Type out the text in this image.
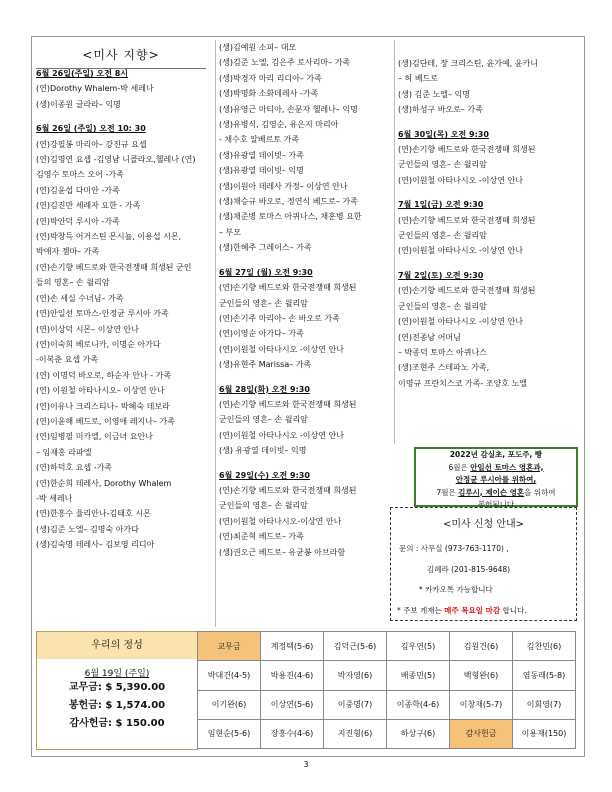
<미사 지향>
6월 26일(주일) 오전 8시
(연)Dorothy Whalem-박 세레나
(생)이종원 글라라– 익명
6월 26일 (주일) 오전 10: 30
(연)강필봉 마리아– 강진규 요셉
(연)김명연 요셉 -김영남 니콜라오,헬레나 (연)
김영수 토마스 오어 -가족
(연)김윤섭 다미안 -가족
(연)김진만 세례자 요한 - 가족
(연)박안덕 루시아 -가족
(연)박창득 어거스틴 몬시뇰, 이용섭 시몬,
박애자 젬마– 가족
(연)손기향 베드로와 한국전쟁때 희생된 군인
들의 영혼– 손 윌리암
(연)손 세실 수녀님– 가족
(연)안일선 토마스-안정균 루시아 가족
(연)이상덕 시몬– 이상연 안나
(연)이숙희 베로니카, 이명순 아가다
-이복춘 요셉 가족
(연) 이명덕 바오로, 하순자 안나 - 가족
(연) 이원철 아타나시오– 이상연 안나
(연)이유나 크리스티나– 박혜숙 데보라
(연)이윤해 베드로, 이영애 레지나– 가족
(연)임병필 미카엘, 이금녀 요안나
– 임재홍 라파엘
(연)하덕호 요셉 -가족
(연)한순희 데레사, Dorothy Whalem
-박 세레나
(연)한흥수 율리안나-김태호 시몬
(생)김준 노엘– 김명숙 아가다
(생)김숙명 데레사– 김보영 리디아
(생)김예원 소피– 대모
(생)김준 노엘, 김은주 로사리마– 가족
(생)박경자 마리 리디아– 가족
(생)박명화 소화데레사 -가족
(생)유영근 마티아, 손문자 헬레나– 익명
(생)유병식, 김영순, 유은지 마리아
- 채수호 알베르토 가족
(생)유광열 데이빗– 가족
(생)유광열 데이빗– 익명
(생)이원아 데레사 가정– 이상연 안나
(생)채승규 바오로, 정연식 베드로– 가족
(생)채준병 토마스 아퀴나스, 채훈병 요한
– 부모
(생)한혜주 그레이스– 가족
6월 27일 (월) 오전 9:30
(연)손기향 베드로와 한국전쟁때 희생된
군인들의 영혼– 손 윌리암
(연)손기주 마리아– 손 바오로 가족
(연)이영순 아가다– 가족
(연)이원철 아타나시오 -이상연 안나
(생)유현주 Marissa– 가족
6월 28일(화) 오전 9:30
(연)손기향 베드로와 한국전쟁때 희생된
군인들의 영혼– 손 윌리암
(연)이원철 아타나시오 -이상연 안나
(생) 유광열 데이빗– 익명
6월 29일(수) 오전 9:30
(연)손기향 베드로와 한국전쟁때 희생된
군인들의 영혼– 손 윌리암
(연)이원철 아타나시오-이상연 안나
(연)최준혁 베드로– 가족
(생)권오근 베드로– 유균봉 아브라함
(생)김단테, 장 크리스틴, 윤가예, 윤카니
– 허 베드로
(생) 김준 노엘– 익명
(생)하성구 바오로– 가족
6월 30일(목) 오전 9:30
(연)손기향 베드로와 한국전쟁때 희생된
군인들의 영혼– 손 윌리암
(연)이원철 아타나시오 -이상연 안나
7월 1일(금) 오전 9:30
(연)손기향 베드로와 한국전쟁때 희생된
군인들의 영혼– 손 윌리암
(연)이원철 아타나시오 -이상연 안나
7월 2일(토) 오전 9:30
(연)손기향 베드로와 한국전쟁때 희생된
군인들의 영혼– 손 윌리암
(연)이원철 아타나시오 -이상연 안나
(연)전종남 어머님
– 박종덕 토마스 아퀴나스
(생)조현주 스테파노 가족,
이명규 프란치스코 가족- 조양호 노엘
2022년 감실초, 포도주, 빵
6월은 안일선 토마스 영혼과,
안정균 루시아를 위하여,
7월은 김루시, 제이슨 영혼을 위하여
봉헌됩니다
<미사 신청 안내>
문의 : 사무실 (973-763-1170) ,
김혜라 (201-815-9648)
* 카카오톡 가능합니다
* 주보 게재는 매주 목요일 마감 합니다.
우리의 정성
6월 19일 (주일)
교무금: $ 5,390.00
봉헌금: $ 1,574.00
감사헌금: $ 150.00
교무금	계정택(5-6)	김덕근(5-6)	김우연(5)	김원건(6)	김찬민(6)
박대건(4-5)	박용진(4-6)	박자영(6)	배종민(5)	백형완(6)	염동래(5-8)
이기완(6)	이상연(5-6)	이중명(7)	이종학(4-6)	이창재(5-7)	이회영(7)
임현순(5-6)	장흥수(4-6)	지진형(6)	하상구(6)	감사헌금	이용재(150)
3
